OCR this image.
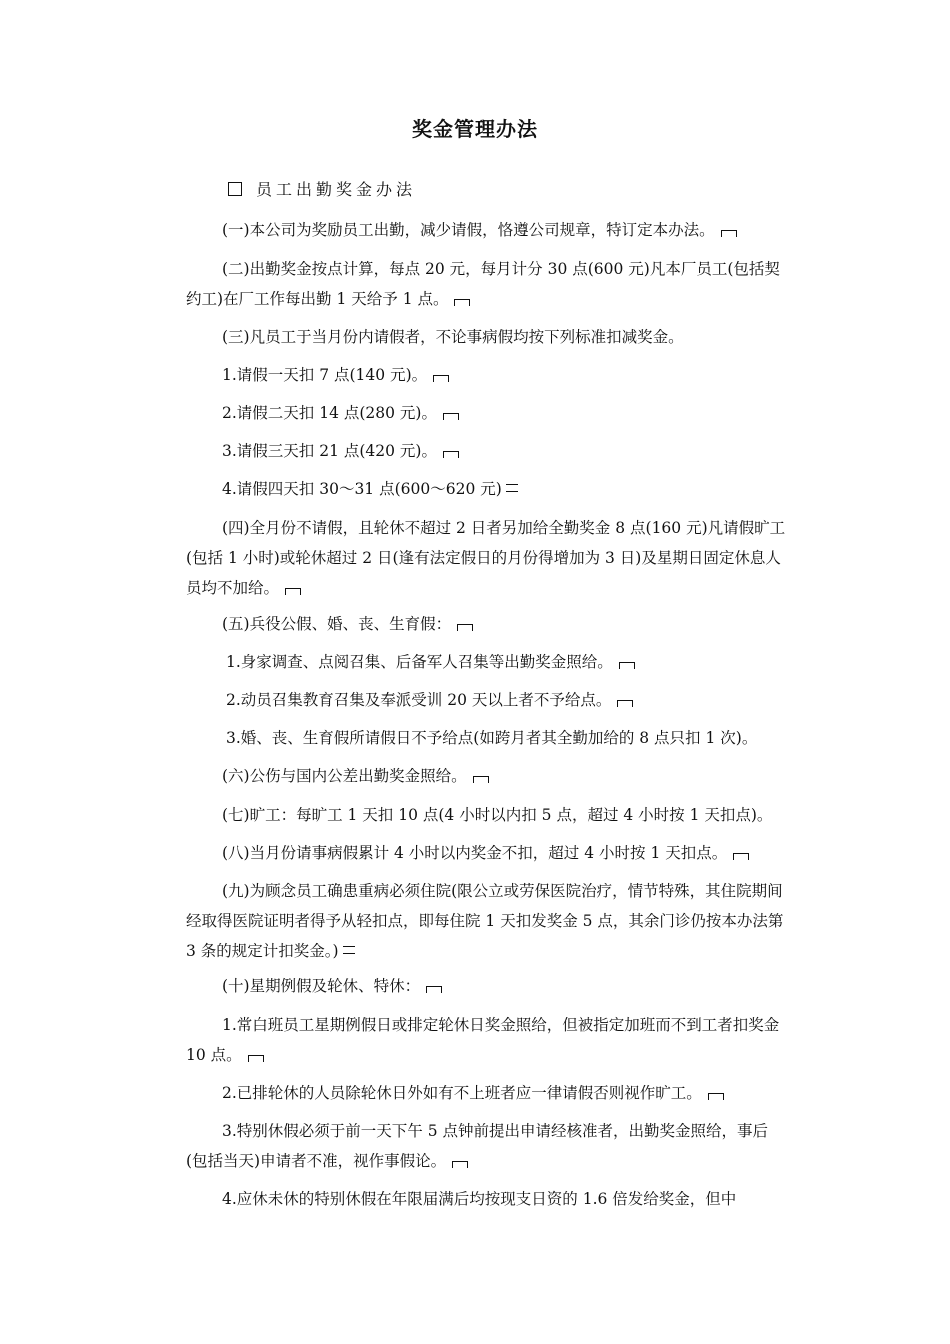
奖金管理办法
员工出勤奖金办法
(一)本公司为奖励员工出勤，减少请假，恪遵公司规章，特订定本办法。
(二)出勤奖金按点计算，每点 20 元，每月计分 30 点(600 元)凡本厂员工(包括契约工)在厂工作每出勤 1 天给予 1 点。
(三)凡员工于当月份内请假者，不论事病假均按下列标准扣减奖金。
1.请假一天扣 7 点(140 元)。
2.请假二天扣 14 点(280 元)。
3.请假三天扣 21 点(420 元)。
4.请假四天扣 30～31 点(600～620 元)
(四)全月份不请假，且轮休不超过 2 日者另加给全勤奖金 8 点(160 元)凡请假旷工(包括 1 小时)或轮休超过 2 日(逢有法定假日的月份得增加为 3 日)及星期日固定休息人员均不加给。
(五)兵役公假、婚、丧、生育假：
1.身家调查、点阅召集、后备军人召集等出勤奖金照给。
2.动员召集教育召集及奉派受训 20 天以上者不予给点。
3.婚、丧、生育假所请假日不予给点(如跨月者其全勤加给的 8 点只扣 1 次)。
(六)公伤与国内公差出勤奖金照给。
(七)旷工：每旷工 1 天扣 10 点(4 小时以内扣 5 点，超过 4 小时按 1 天扣点)。
(八)当月份请事病假累计 4 小时以内奖金不扣，超过 4 小时按 1 天扣点。
(九)为顾念员工确患重病必须住院(限公立或劳保医院治疗，情节特殊，其住院期间经取得医院证明者得予从轻扣点，即每住院 1 天扣发奖金 5 点，其余门诊仍按本办法第 3 条的规定计扣奖金。)
(十)星期例假及轮休、特休：
1.常白班员工星期例假日或排定轮休日奖金照给，但被指定加班而不到工者扣奖金 10 点。
2.已排轮休的人员除轮休日外如有不上班者应一律请假否则视作旷工。
3.特别休假必须于前一天下午 5 点钟前提出申请经核准者，出勤奖金照给，事后(包括当天)申请者不准，视作事假论。
4.应休未休的特别休假在年限届满后均按现支日资的 1.6 倍发给奖金，但中
